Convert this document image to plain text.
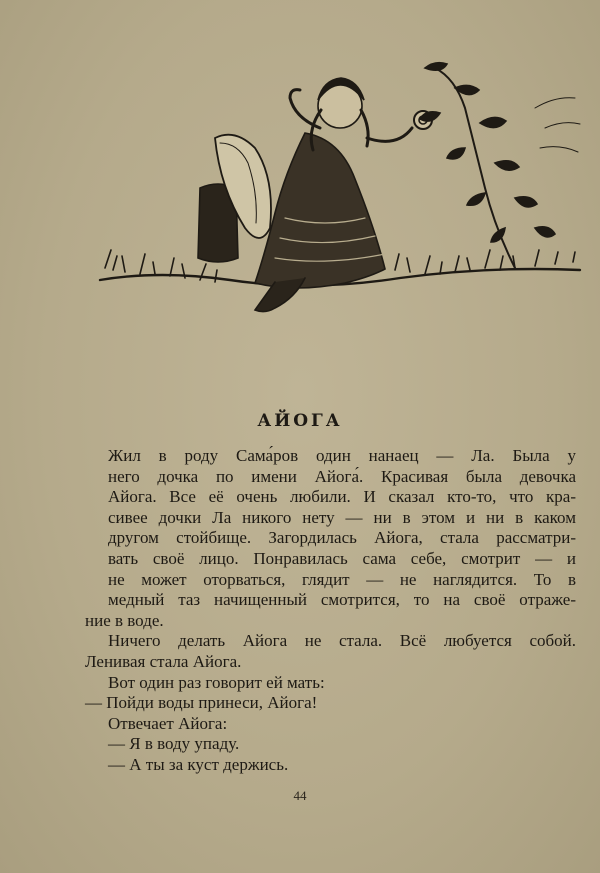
АЙОГА
Жил в роду Сама́ров один нанаец — Ла. Была у
него дочка по имени Айога́. Красивая была девочка
Айога. Все её очень любили. И сказал кто-то, что кра-
сивее дочки Ла никого нету — ни в этом и ни в каком
другом стойбище. Загордилась Айога, стала рассматри-
вать своё лицо. Понравилась сама себе, смотрит — и
не может оторваться, глядит — не наглядится. То в
медный таз начищенный смотрится, то на своё отраже-
ние в воде.
Ничего делать Айога не стала. Всё любуется собой.
Ленивая стала Айога.
Вот один раз говорит ей мать:
— Пойди воды принеси, Айога!
Отвечает Айога:
— Я в воду упаду.
— А ты за куст держись.
44
